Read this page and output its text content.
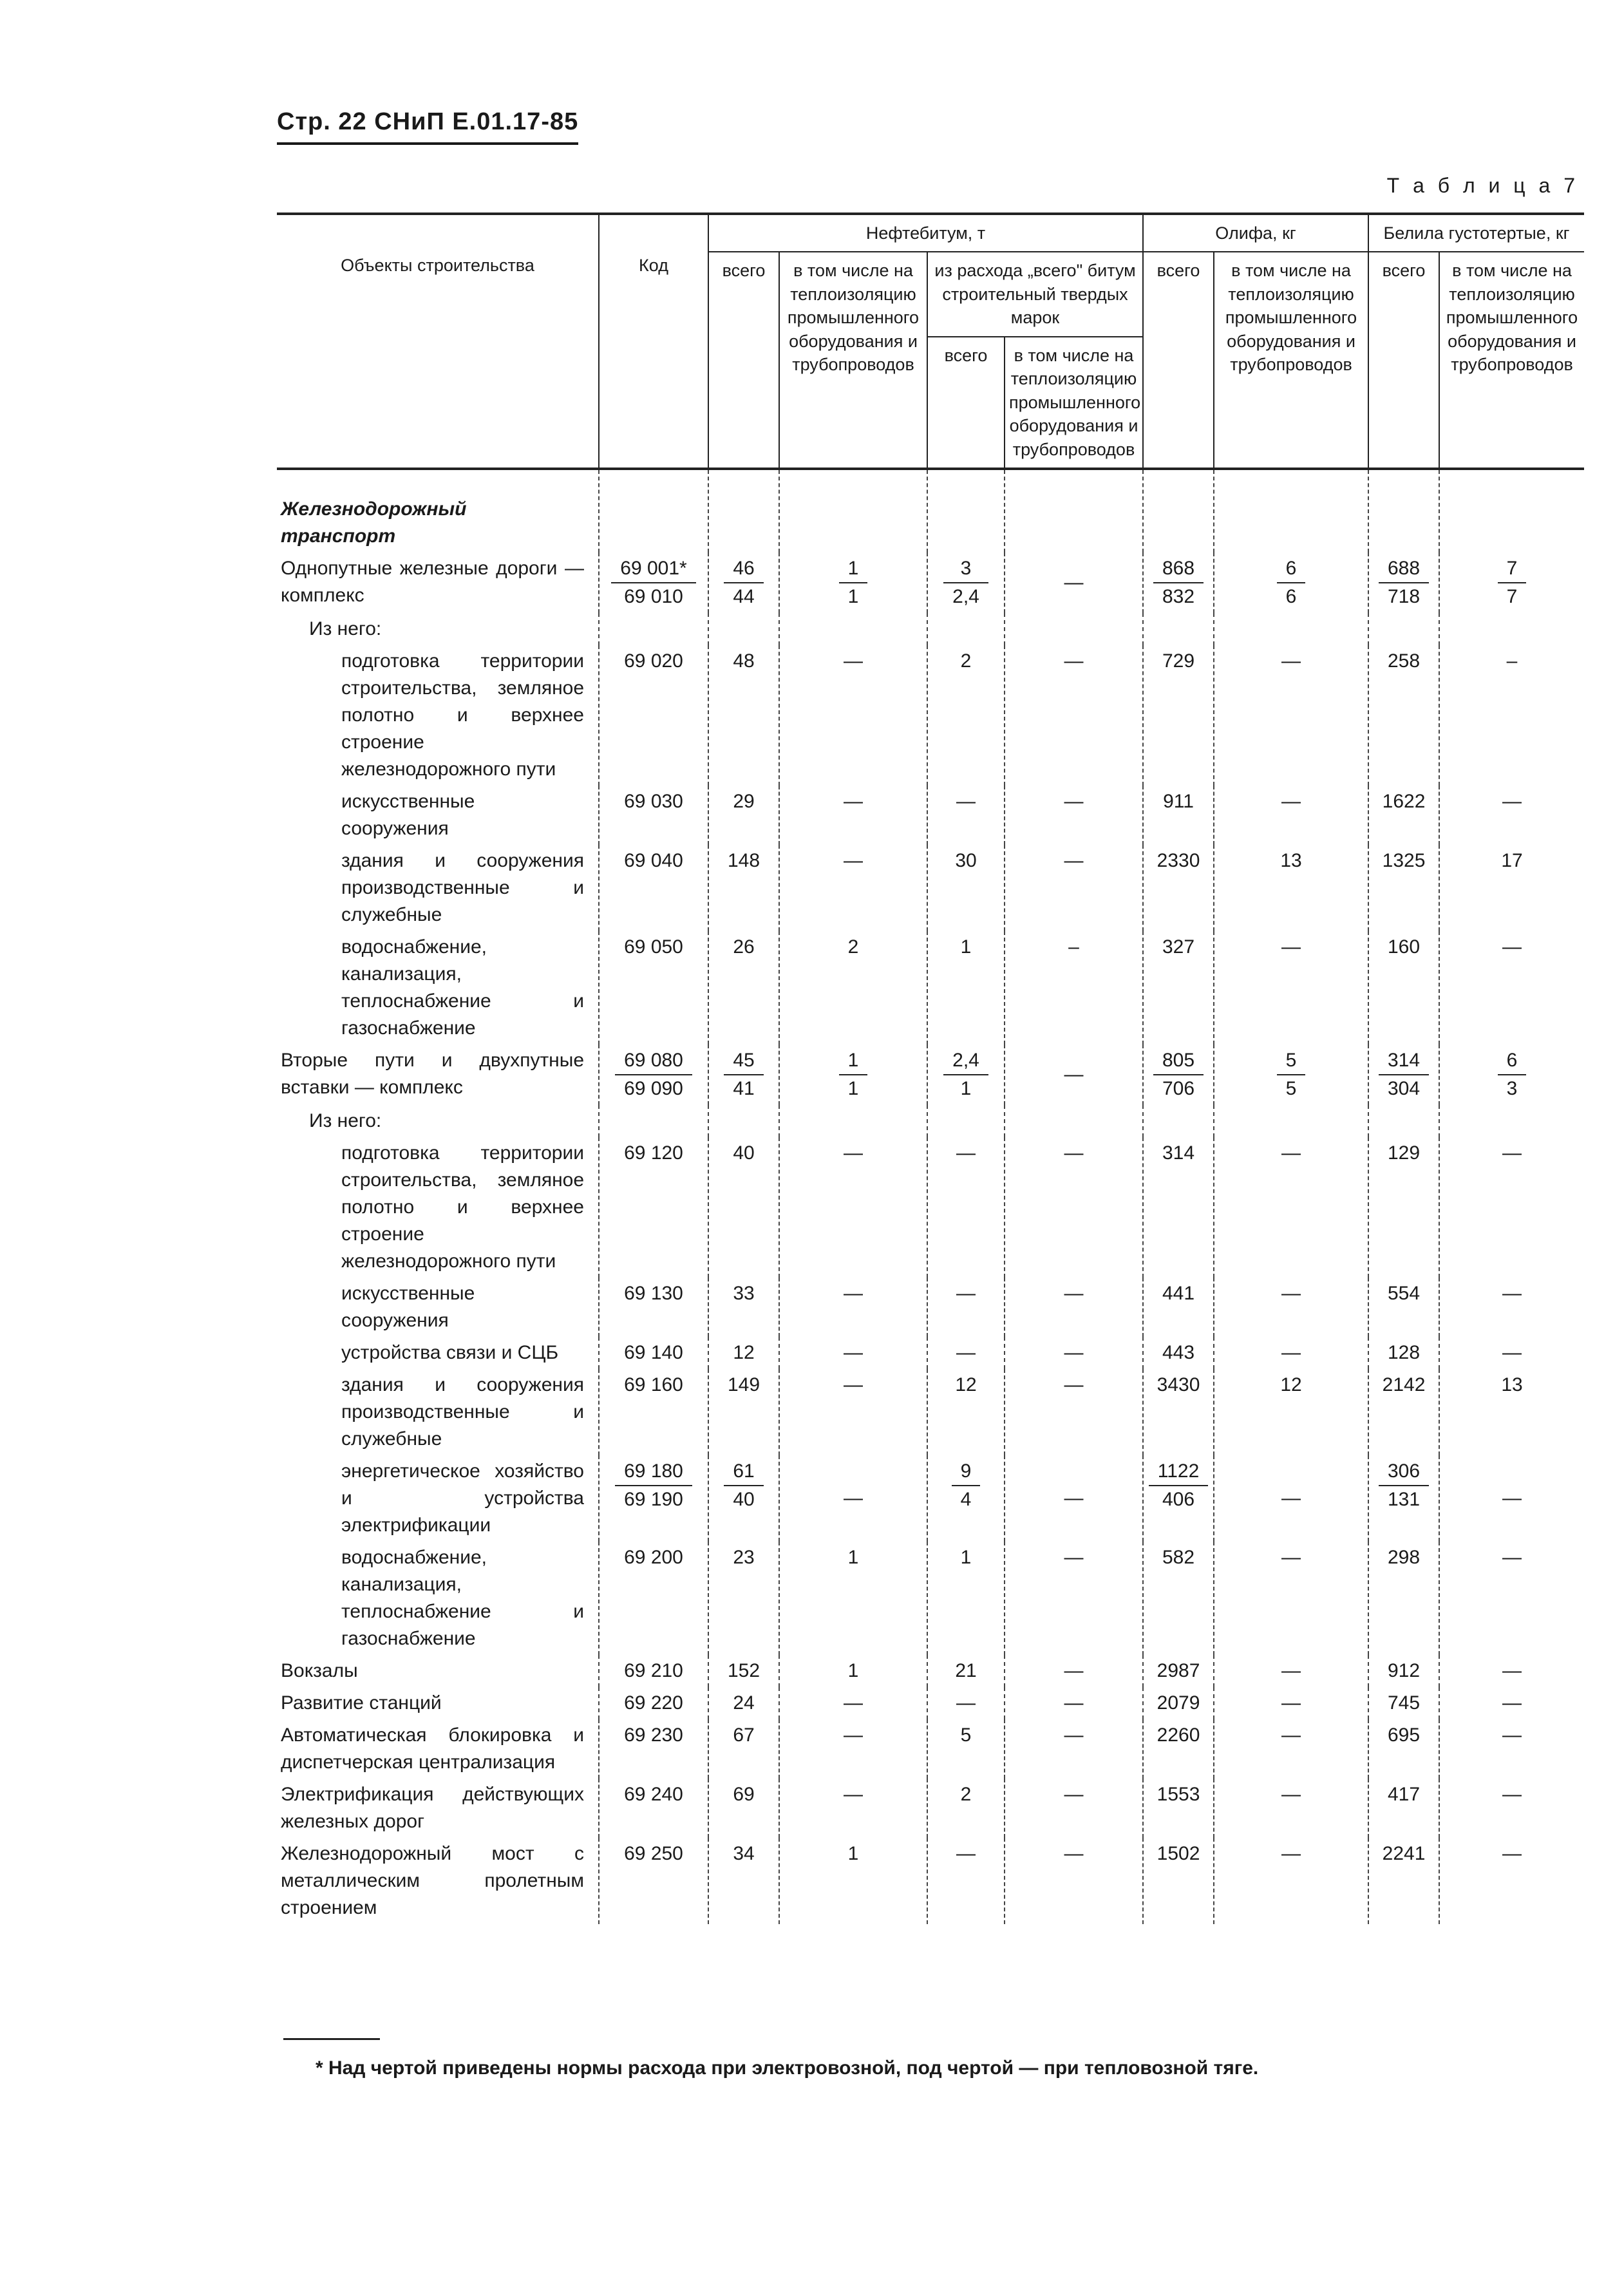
Стр. 22 СНиП Е.01.17-85
Т а б л и ц а 7
Объекты строительства	Код	Нефтебитум, т				Олифа, кг		Белила густотертые, кг	
		всего	в том числе на теплоизоляцию промышленного оборудования и трубопроводов	из расхода „всего" битум строительный твердых марок		всего	в том числе на теплоизоляцию промышленного оборудования и трубопроводов	всего	в том числе на теплоизоляцию промышленного оборудования и трубопроводов
				всего	в том числе на теплоизоляцию промышленного оборудования и трубопроводов				
Железнодорожный транспорт									
Однопутные железные дороги — комплекс	$\frac{69 001*}{69 010}$	$\frac{46}{44}$	$\frac{1}{1}$	$\frac{3}{2,4}$	—	$\frac{868}{832}$	$\frac{6}{6}$	$\frac{688}{718}$	$\frac{7}{7}$

Из него:									
подготовка территории строительства, земляное полотно и верхнее строение железнодорожного пути	69 020	48	—	2	—	729	—	258	–
искусственные сооружения	69 030	29	—	—	—	911	—	1622	—
здания и сооружения производственные и служебные	69 040	148	—	30	—	2330	13	1325	17
водоснабжение, канализация, теплоснабжение и газоснабжение	69 050	26	2	1	–	327	—	160	—
Вторые пути и двухпутные вставки — комплекс	$\frac{69 080}{69 090}$	$\frac{45}{41}$	$\frac{1}{1}$	$\frac{2,4}{1}$	—	$\frac{805}{706}$	$\frac{5}{5}$	$\frac{314}{304}$	$\frac{6}{3}$

Из него:									
подготовка территории строительства, земляное полотно и верхнее строение железнодорожного пути	69 120	40	—	—	—	314	—	129	—
искусственные сооружения	69 130	33	—	—	—	441	—	554	—
устройства связи и СЦБ	69 140	12	—	—	—	443	—	128	—
здания и сооружения производственные и служебные	69 160	149	—	12	—	3430	12	2142	13
энергетическое хозяйство и устройства электрификации	$\frac{69 180}{69 190}$	$\frac{61}{40}$	—	$\frac{9}{4}$	—	$\frac{1122}{406}$	—	$\frac{306}{131}$	—
водоснабжение, канализация, теплоснабжение и газоснабжение	69 200	23	1	1	—	582	—	298	—
Вокзалы	69 210	152	1	21	—	2987	—	912	—
Развитие станций	69 220	24	—	—	—	2079	—	745	—
Автоматическая блокировка и диспетчерская централизация	69 230	67	—	5	—	2260	—	695	—
Электрификация действующих железных дорог	69 240	69	—	2	—	1553	—	417	—
Железнодорожный мост с металлическим пролетным строением	69 250	34	1	—	—	1502	—	2241	—
* Над чертой приведены нормы расхода при электровозной, под чертой — при тепловозной тяге.
